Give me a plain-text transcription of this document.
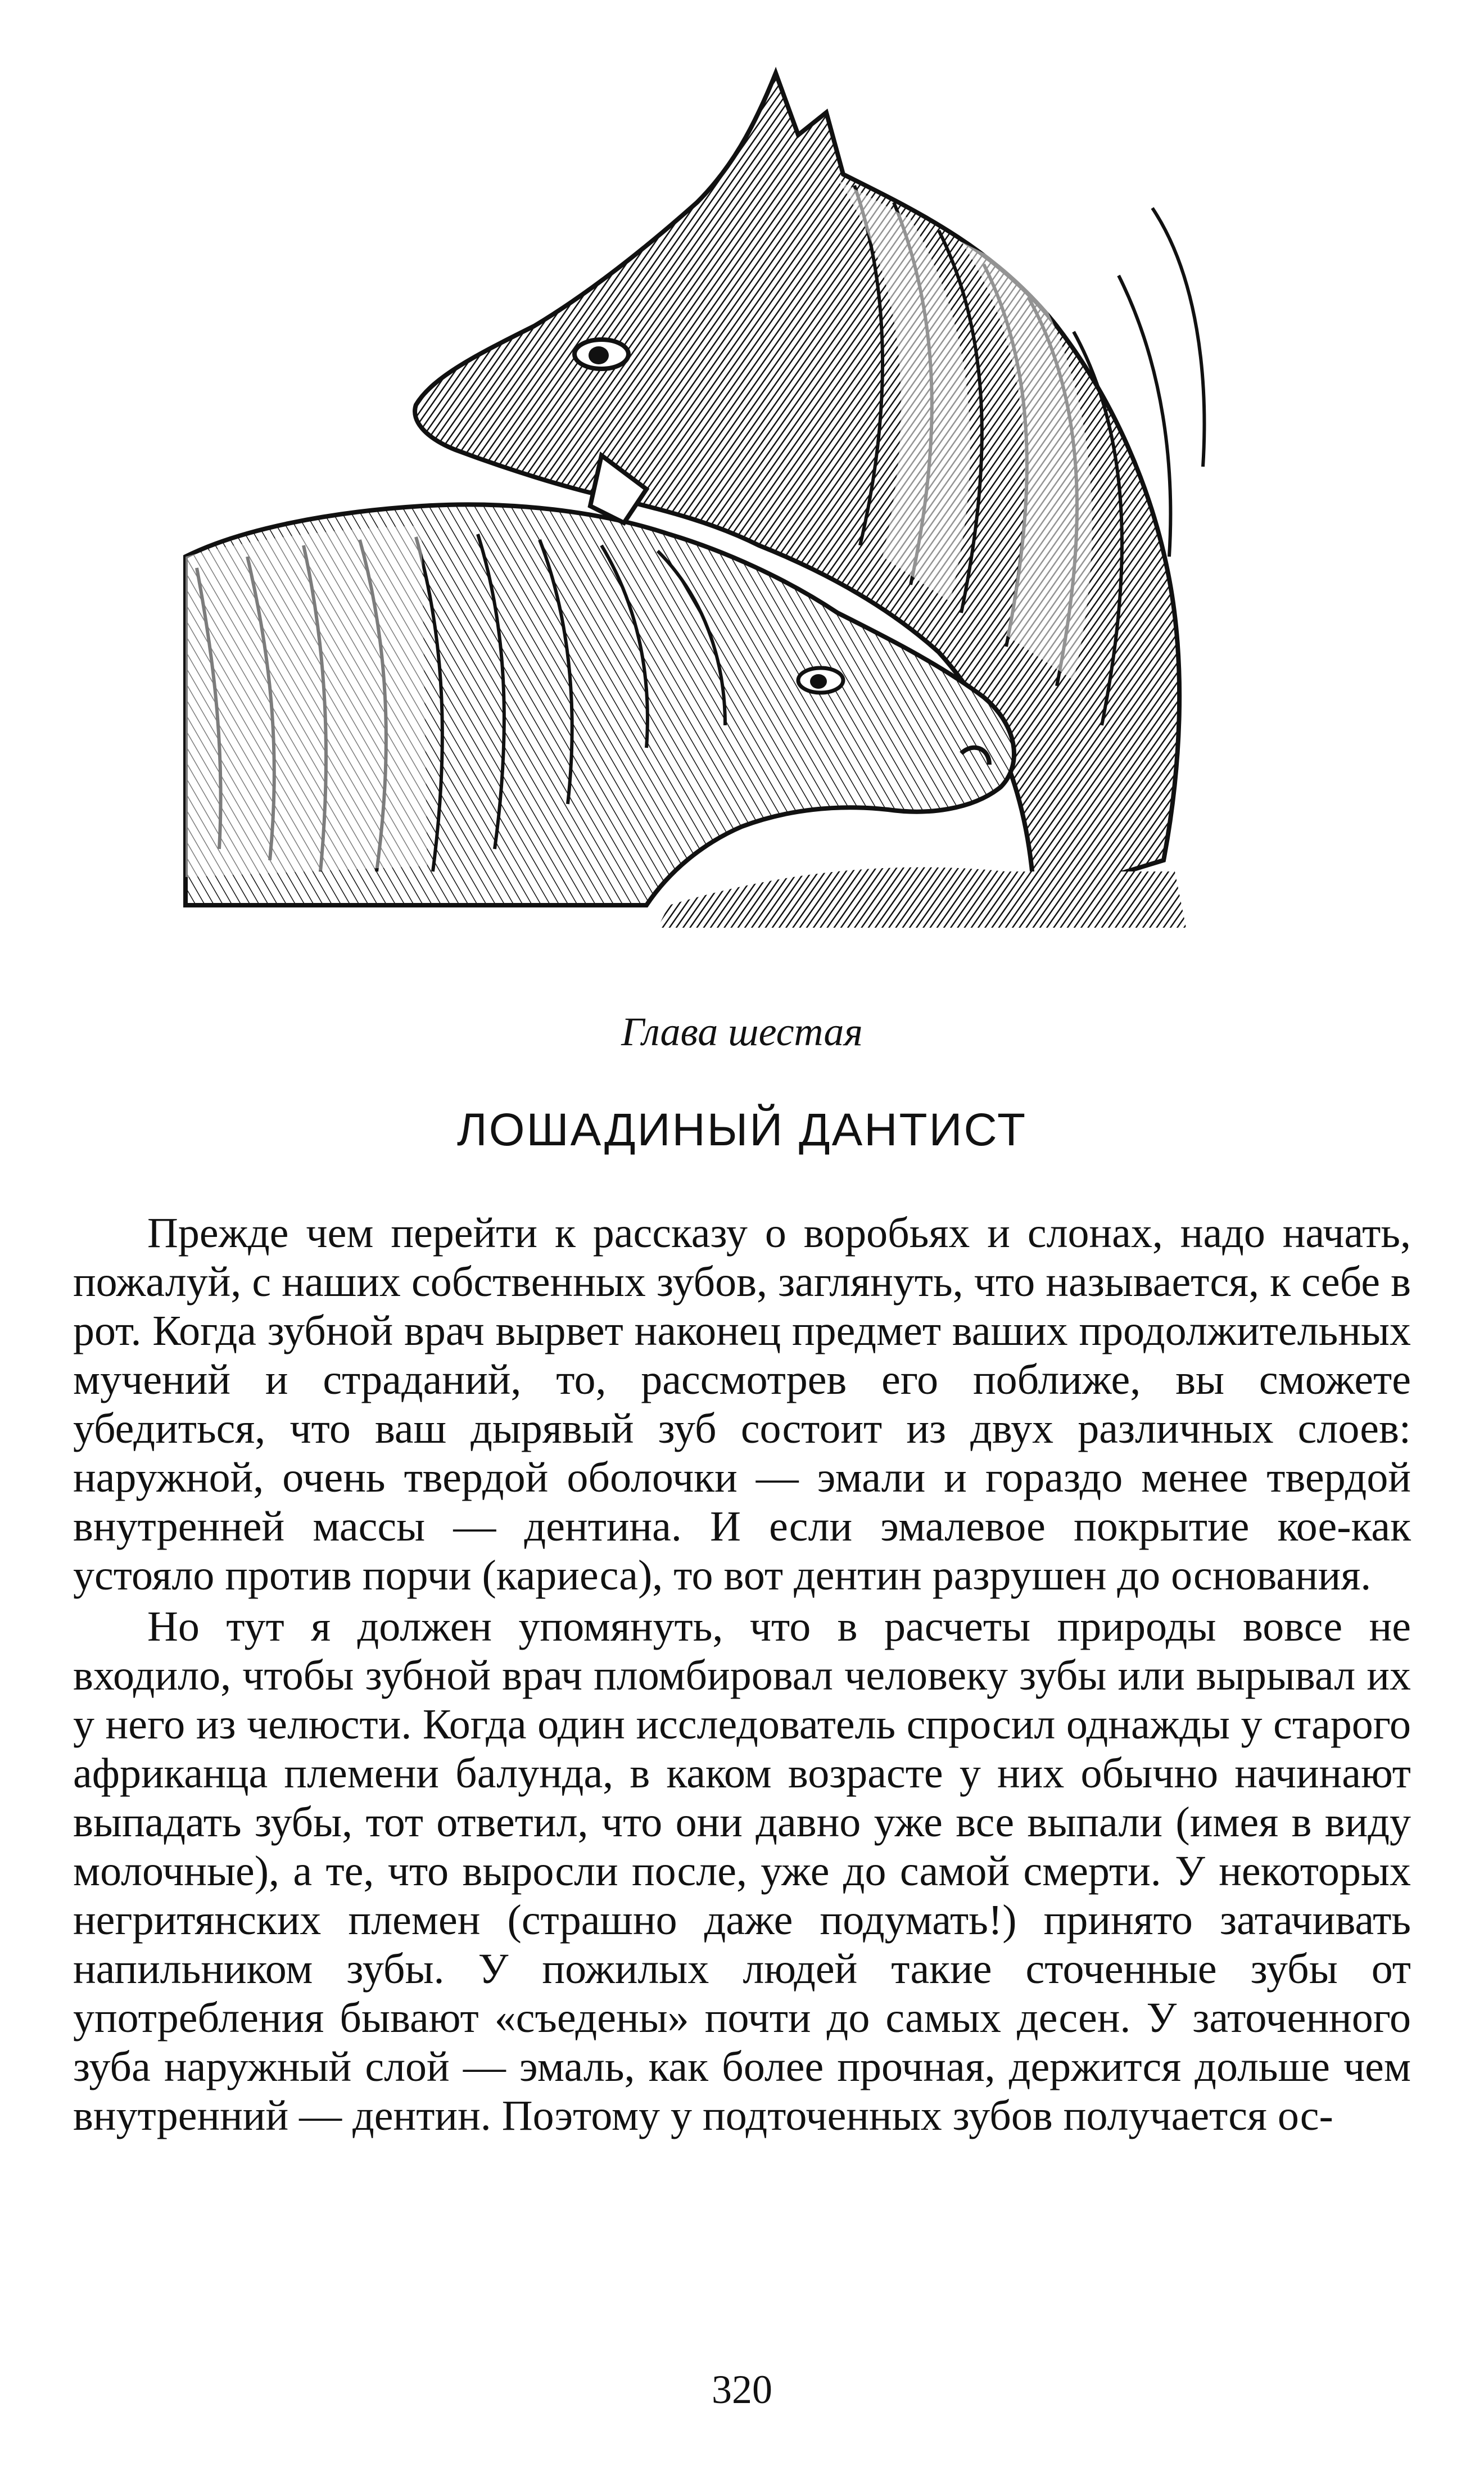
Глава шестая
ЛОШАДИНЫЙ ДАНТИСТ

Прежде чем перейти к рассказу о воробьях и слонах, надо начать, пожалуй, с наших собственных зубов, заглянуть, что называется, к себе в рот. Когда зубной врач вырвет наконец предмет ваших продолжительных мучений и страданий, то, рассмотрев его поближе, вы сможете убедиться, что ваш дырявый зуб состоит из двух различных слоев: наружной, очень твердой оболочки — эмали и гораздо менее твердой внутренней массы — дентина. И если эмалевое покрытие кое-как устояло против порчи (кариеса), то вот дентин разрушен до основания.

Но тут я должен упомянуть, что в расчеты природы вовсе не входило, чтобы зубной врач пломбировал человеку зубы или вырывал их у него из челюсти. Когда один исследователь спросил однажды у старого африканца племени балунда, в каком возрасте у них обычно начинают выпадать зубы, тот ответил, что они давно уже все выпали (имея в виду молочные), а те, что выросли после, уже до самой смерти. У некоторых негритянских племен (страшно даже подумать!) принято затачивать напильником зубы. У пожилых людей такие сточенные зубы от употребления бывают «съедены» почти до самых десен. У заточенного зуба наружный слой — эмаль, как более прочная, держится дольше чем внутренний — дентин. Поэтому у подточенных зубов получается ос-

320
